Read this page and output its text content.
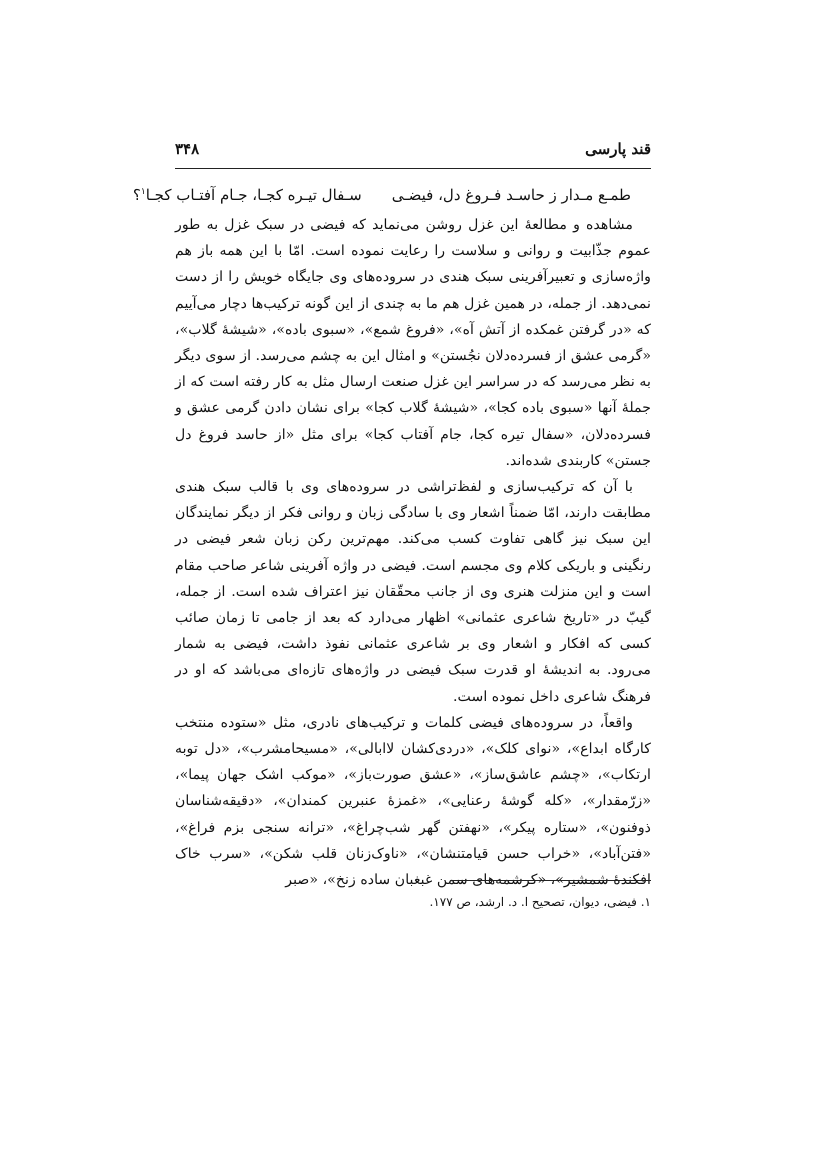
قند پارسی
۳۴۸
طمـع مـدار ز حاسـد فـروغ دل، فیضـی
سـفال تیـره کجـا، جـام آفتـاب کجـا$^۱$؟

مشاهده و مطالعهٔ این غزل روشن می‌نماید که فیضی در سبک غزل به طور عموم جذّابیت و روانی و سلاست را رعایت نموده است. امّا با این همه باز هم واژه‌سازی و تعبیرآفرینی سبک هندی در سروده‌های وی جایگاه خویش را از دست نمی‌دهد. از جمله، در همین غزل هم ما به چندی از این گونه ترکیب‌ها دچار می‌آییم که «در گرفتن غمکده از آتش آه»، «فروغ شمع»، «سبوی باده»، «شیشهٔ گلاب»، «گرمی عشق از فسرده‌دلان نجُستن» و امثال این به چشم می‌رسد. از سوی دیگر به نظر می‌رسد که در سراسر این غزل صنعت ارسال مثل به کار رفته است که از جملهٔ آنها «سبوی باده کجا»، «شیشهٔ گلاب کجا» برای نشان دادن گرمی عشق و فسرده‌دلان، «سفال تیره کجا، جام آفتاب کجا» برای مثل «از حاسد فروغ دل جستن» کاربندی شده‌اند.

با آن که ترکیب‌سازی و لفظ‌تراشی در سروده‌های وی با قالب سبک هندی مطابقت دارند، امّا ضمناً اشعار وی با سادگی زبان و روانی فکر از دیگر نمایندگان این سبک نیز گاهی تفاوت کسب می‌کند. مهم‌ترین رکن زبان شعر فیضی در رنگینی و باریکی کلام وی مجسم است. فیضی در واژه آفرینی شاعر صاحب مقام است و این منزلت هنری وی از جانب محقّقان نیز اعتراف شده است. از جمله، گیبّ در «تاریخ شاعری عثمانی» اظهار می‌دارد که بعد از جامی تا زمان صائب کسی که افکار و اشعار وی بر شاعری عثمانی نفوذ داشت، فیضی به شمار می‌رود. به اندیشهٔ او قدرت سبک فیضی در واژه‌های تازه‌ای می‌باشد که او در فرهنگ شاعری داخل نموده است.

واقعاً، در سروده‌های فیضی کلمات و ترکیب‌های نادری، مثل «ستوده منتخب کارگاه ابداع»، «نوای کلک»، «دردی‌کشان لاابالی»، «مسیحامشرب»، «دل توبه ارتکاب»، «چشم عاشق‌ساز»، «عشق صورت‌باز»، «موکب اشک جهان پیما»، «زرّمقدار»، «کله گوشهٔ رعنایی»، «غمزهٔ عنبرین کمندان»، «دقیقه‌شناسان ذوفنون»، «ستاره پیکر»، «نهفتن گهر شب‌چراغ»، «ترانه سنجی بزم فراغ»، «فتن‌آباد»، «خراب حسن قیامتنشان»، «ناوک‌زنان قلب شکن»، «سرب خاک افکندهٔ شمشیر»، «کرشمه‌های سمن غبغبان ساده زنخ»، «صبر

۱. فیضی، دیوان، تصحیح ا. د. ارشد، ص ۱۷۷.
